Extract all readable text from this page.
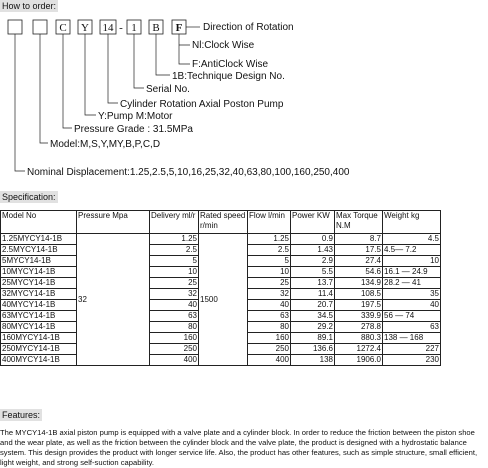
How to order:
C Y 14 - 1 B F Direction of Rotation
Nl:Clock Wise
F:AntiClock Wise
1B:Technique Design No.
Serial No.
Cylinder Rotation Axial Poston Pump
Y:Pump M:Motor
Pressure Grade : 31.5MPa
Model:M,S,Y,MY,B,P,C,D
Nominal Displacement:1.25,2.5,5,10,16,25,32,40,63,80,100,160,250,400
Specification:
Model No	Pressure Mpa	Delivery ml/r	Rated speed r/min	Flow l/min	Power KW	Max Torque N.M	Weight kg
1.25MYCY14-1B	32	1.25	1500	1.25	0.9	8.7	4.5
2.5MYCY14-1B		2.5		2.5	1.43	17.5	4.5— 7.2
5MYCY14-1B		5		5	2.9	27.4	10
10MYCY14-1B		10		10	5.5	54.6	16.1 — 24.9
25MYCY14-1B		25		25	13.7	134.9	28.2 — 41
32MYCY14-1B		32		32	11.4	108.5	35
40MYCY14-1B		40		40	20.7	197.5	40
63MYCY14-1B		63		63	34.5	339.9	56 — 74
80MYCY14-1B		80		80	29.2	278.8	63
160MYCY14-1B		160		160	89.1	880.3	138 — 168
250MYCY14-1B		250		250	136.6	1272.4	227
400MYCY14-1B		400		400	138	1906.0	230
Features:

The MYCY14-1B axial piston pump is equipped with a valve plate and a cylinder block. In order to reduce the friction between the piston shoe and the wear plate, as well as the friction between the cylinder block and the valve plate, the product is designed with a hydrostatic balance system. This design provides the product with longer service life. Also, the product has other features, such as simple structure, small efficient, light weight, and strong self-suction capability.
